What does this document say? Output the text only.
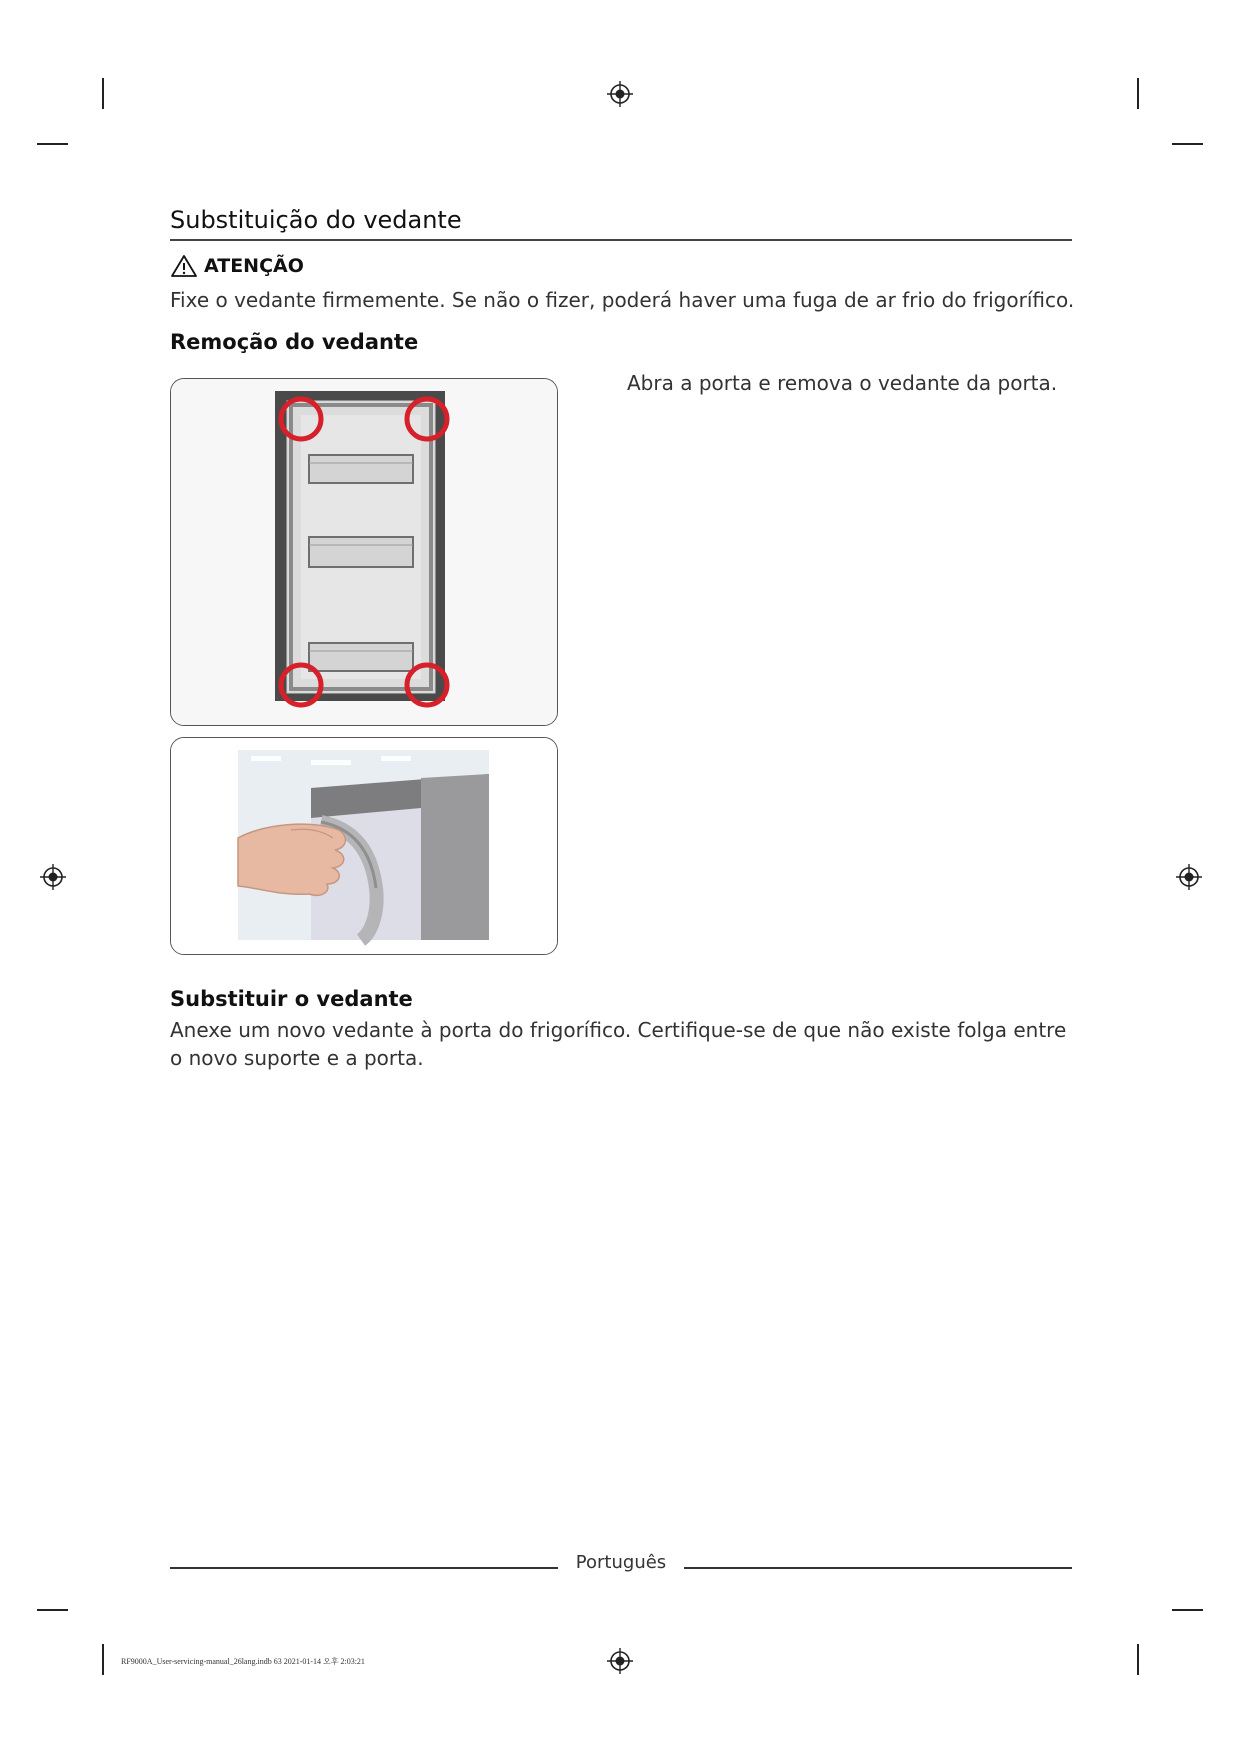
Substituição do vedante
ATENÇÃO
Fixe o vedante firmemente. Se não o fizer, poderá haver uma fuga de ar frio do frigorífico.
Remoção do vedante
Abra a porta e remova o vedante da porta.
Substituir o vedante
Anexe um novo vedante à porta do frigorífico. Certifique-se de que não existe folga entre o novo suporte e a porta.
Português
RF9000A_User-servicing-manual_26lang.indb 63 2021-01-14 오후 2:03:21
